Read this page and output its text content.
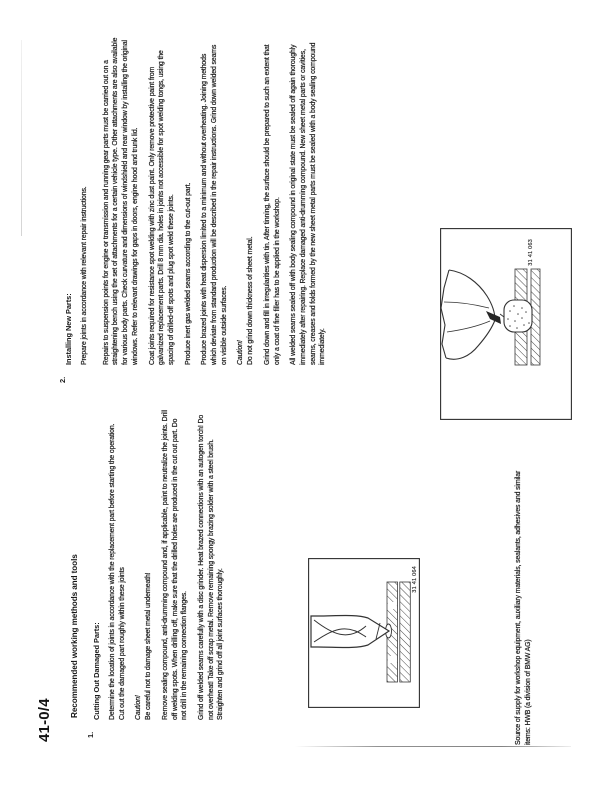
41-0/4
Recommended working methods and tools
1.
Cutting Out Damaged Parts:	Determine the location of joints in accordance with the replacement part before starting the operation. Cut out the damaged part roughly within these joints Caution! Be careful not to damage sheet metal underneath! Remove sealing compound, anti-drumming compound and, if applicable, paint to neutralize the joints. Drill off welding spots. When drilling off, make sure that the drilled holes are produced in the cut out part. Do not drill in the remaining connection flanges. Grind off welded seams carefully with a disc grinder. Heat brazed connections with an autogen torch! Do not overheat! Take off scrap metal. Remove remaining spongy brazing solder with a steel brush. Straighten and grind off all joint surfaces thoroughly.
2.
Installing New Parts:	Prepare joints in accordance with relevant repair instructions. Repairs to suspension points for engine or transmission and running gear parts must be carried out on a straightening bench using the set of attachments for a certain vehicle type. Other attachments are also available for various body parts. Check curvature and dimensions of windshield and rear window by installing the original windows. Refer to relevant drawings for gaps in doors, engine hood and trunk lid. Coat joints required for resistance spot welding with zinc dust paint. Only remove protective paint from galvanized replacement parts. Drill 8 mm dia. holes in joints not accessible for spot welding tongs, using the spacing of drilled-off spots and plug spot weld these joints. Produce inert gas welded seams according to the cut-out part. Produce brazed joints with heat dispersion limited to a minimum and without overheating. Joining methods which deviate from standard production will be described in the repair instructions. Grind down welded seams on visible outside surfaces. Caution! Do not grind down thickness of sheet metal. Grind down and fill in irregularities with tin. After tinning, the surface should be prepared to such an extent that only a coat of fine filler has to be applied in the workshop. All welded seams sealed off with body sealing compound in original state must be sealed off again thoroughly immediately after repairing. Replace damaged anti-drumming compound. New sheet metal parts or cavities, seams, creases and folds formed by the new sheet metal parts must be sealed with a body sealing compound immediately.
31 41 064
31 41 063
Source of supply for workshop equipment, auxiliary materials, sealants, adhesives and similar items: HWB (a division of BMW AG)
